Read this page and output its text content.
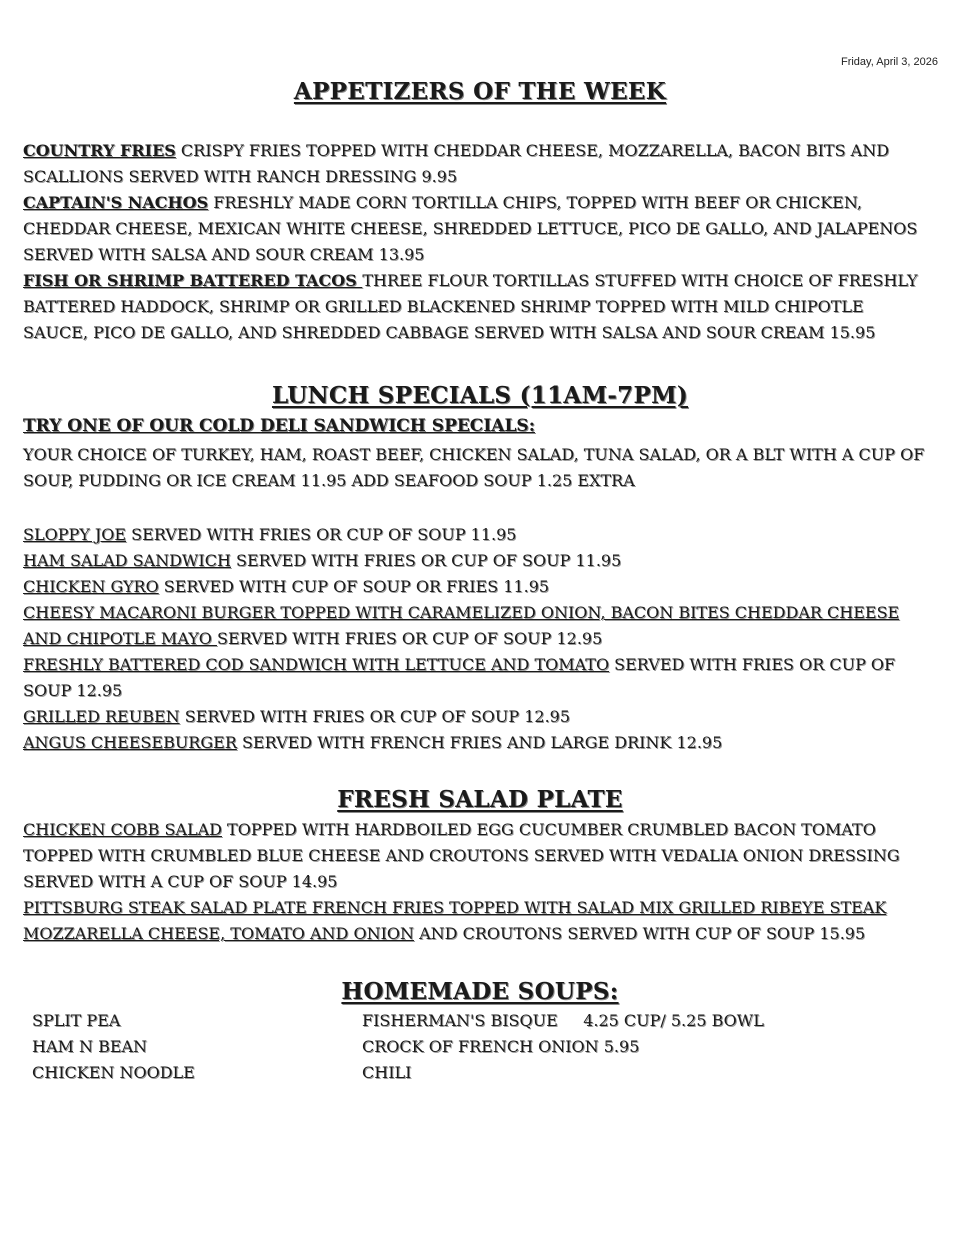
Friday, April 3, 2026
APPETIZERS OF THE WEEK

COUNTRY FRIES CRISPY FRIES TOPPED WITH CHEDDAR CHEESE, MOZZARELLA, BACON BITS AND SCALLIONS SERVED WITH RANCH DRESSING 9.95

CAPTAIN'S NACHOS FRESHLY MADE CORN TORTILLA CHIPS, TOPPED WITH BEEF OR CHICKEN, CHEDDAR CHEESE, MEXICAN WHITE CHEESE, SHREDDED LETTUCE, PICO DE GALLO, AND JALAPENOS SERVED WITH SALSA AND SOUR CREAM 13.95

FISH OR SHRIMP BATTERED TACOS THREE FLOUR TORTILLAS STUFFED WITH CHOICE OF FRESHLY BATTERED HADDOCK, SHRIMP OR GRILLED BLACKENED SHRIMP TOPPED WITH MILD CHIPOTLE SAUCE, PICO DE GALLO, AND SHREDDED CABBAGE SERVED WITH SALSA AND SOUR CREAM 15.95

LUNCH SPECIALS (11AM-7PM)
TRY ONE OF OUR COLD DELI SANDWICH SPECIALS:

YOUR CHOICE OF TURKEY, HAM, ROAST BEEF, CHICKEN SALAD, TUNA SALAD, OR A BLT WITH A CUP OF SOUP, PUDDING OR ICE CREAM 11.95 ADD SEAFOOD SOUP 1.25 EXTRA

SLOPPY JOE SERVED WITH FRIES OR CUP OF SOUP 11.95

HAM SALAD SANDWICH SERVED WITH FRIES OR CUP OF SOUP 11.95

CHICKEN GYRO SERVED WITH CUP OF SOUP OR FRIES 11.95

CHEESY MACARONI BURGER TOPPED WITH CARAMELIZED ONION, BACON BITES CHEDDAR CHEESE AND CHIPOTLE MAYO SERVED WITH FRIES OR CUP OF SOUP 12.95

FRESHLY BATTERED COD SANDWICH WITH LETTUCE AND TOMATO SERVED WITH FRIES OR CUP OF SOUP 12.95

GRILLED REUBEN SERVED WITH FRIES OR CUP OF SOUP 12.95

ANGUS CHEESEBURGER SERVED WITH FRENCH FRIES AND LARGE DRINK 12.95

FRESH SALAD PLATE

CHICKEN COBB SALAD TOPPED WITH HARDBOILED EGG CUCUMBER CRUMBLED BACON TOMATO TOPPED WITH CRUMBLED BLUE CHEESE AND CROUTONS SERVED WITH VEDALIA ONION DRESSING SERVED WITH A CUP OF SOUP 14.95

PITTSBURG STEAK SALAD PLATE FRENCH FRIES TOPPED WITH SALAD MIX GRILLED RIBEYE STEAK MOZZARELLA CHEESE, TOMATO AND ONION AND CROUTONS SERVED WITH CUP OF SOUP 15.95

HOMEMADE SOUPS:
SPLIT PEA	FISHERMAN'S BISQUE     4.25 CUP/ 5.25 BOWL
HAM N BEAN	CROCK OF FRENCH ONION 5.95
CHICKEN NOODLE	CHILI
